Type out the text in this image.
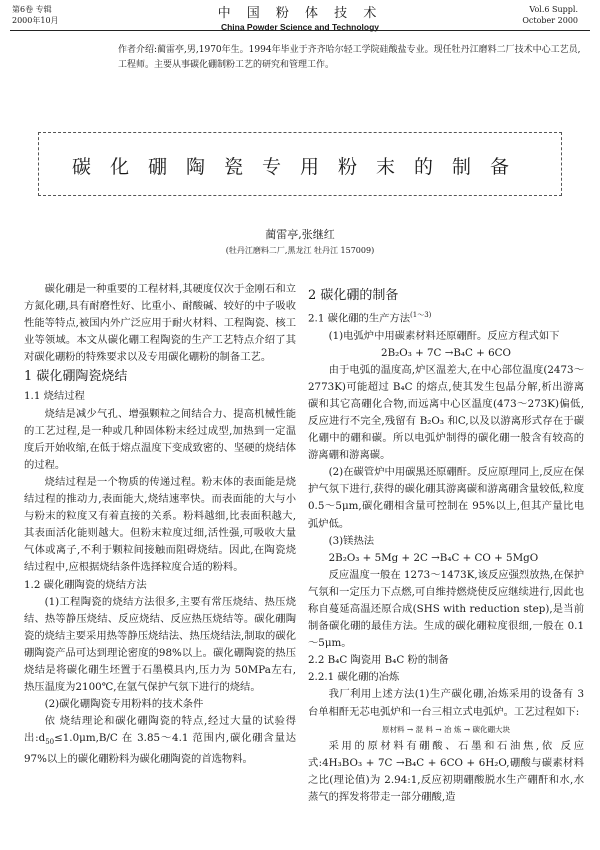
第6卷 专辑
2000年10月	中 国 粉 体 技 术
China Powder Science and Technology
Vol.6 Suppl.
October 2000
作者介绍:蔺雷亭,男,1970年生。1994年毕业于齐齐哈尔轻工学院硅酸盐专业。现任牡丹江磨料二厂技术中心工艺员,工程师。主要从事碳化硼制粉工艺的研究和管理工作。
碳化硼陶瓷专用粉末的制备
蔺雷亭,张继红
(牡丹江磨料二厂,黑龙江 牡丹江 157009)

碳化硼是一种重要的工程材料,其硬度仅次于金刚石和立方氮化硼,具有耐磨性好、比重小、耐酸碱、较好的中子吸收性能等特点,被国内外广泛应用于耐火材料、工程陶瓷、核工业等领域。本文从碳化硼工程陶瓷的生产工艺特点介绍了其对碳化硼粉的特殊要求以及专用碳化硼粉的制备工艺。

1 碳化硼陶瓷烧结

1.1 烧结过程

烧结是减少气孔、增强颗粒之间结合力、提高机械性能的工艺过程,是一种或几种固体粉末经过成型,加热到一定温度后开始收缩,在低于熔点温度下变成致密的、坚硬的烧结体的过程。

烧结过程是一个物质的传递过程。粉末体的表面能是烧结过程的推动力,表面能大,烧结速率快。而表面能的大与小与粉末的粒度又有着直接的关系。粉料越细,比表面积越大,其表面活化能则越大。但粉末粒度过细,活性强,可吸收大量气体或离子,不利于颗粒间接触而阻碍烧结。因此,在陶瓷烧结过程中,应根据烧结条件选择粒度合适的粉料。

1.2 碳化硼陶瓷的烧结方法

(1)工程陶瓷的烧结方法很多,主要有常压烧结、热压烧结、热等静压烧结、反应烧结、反应热压烧结等。碳化硼陶瓷的烧结主要采用热等静压烧结法、热压烧结法,制取的碳化硼陶瓷产品可达到理论密度的98%以上。碳化硼陶瓷的热压烧结是将碳化硼生坯置于石墨模具内,压力为 50MPa左右,热压温度为2100℃,在氩气保护气氛下进行的烧结。

(2)碳化硼陶瓷专用粉料的技术条件

依 烧结理论和碳化硼陶瓷的特点,经过大量的试验得出$:d_{50}\le 1.0\mu m,B/C$ 在 3.85～4.1 范围内,碳化硼含量达 97%以上的碳化硼粉料为碳化硼陶瓷的首选物料。

2 碳化硼的制备

2.1 碳化硼的生产方法$^{(1\sim 3)}$

(1)电弧炉中用碳素材料还原硼酐。反应方程式如下

2B₂O₃ + 7C →B₄C + 6CO

由于电弧的温度高,炉区温差大,在中心部位温度(2473～2773K)可能超过 B₄C 的熔点,使其发生包晶分解,析出游离碳和其它高硼化合物,而远离中心区温度(473～273K)偏低,反应进行不完全,残留有 B₂O₃ 和C,以及以游离形式存在于碳化硼中的硼和碳。所以电弧炉制得的碳化硼一般含有较高的游离硼和游离碳。

(2)在碳管炉中用碳黑还原硼酐。反应原理同上,反应在保护气氛下进行,获得的碳化硼其游离碳和游离硼含量较低,粒度 0.5～5μm,碳化硼相含量可控制在 95%以上,但其产量比电弧炉低。

(3)镁热法

2B₂O₃ + 5Mg + 2C →B₄C + CO + 5MgO

反应温度一般在 1273～1473K,该反应强烈放热,在保护气氛和一定压力下点燃,可自维持燃烧使反应继续进行,因此也称自蔓延高温还原合成(SHS with reduction step),是当前制备碳化硼的最佳方法。生成的碳化硼粒度很细,一般在 0.1～5μm。

2.2 B₄C 陶瓷用 B₄C 粉的制备

2.2.1 碳化硼的冶炼

我厂利用上述方法(1)生产碳化硼,冶炼采用的设备有 3 台单相酐无芯电弧炉和一台三相立式电弧炉。工艺过程如下:

原材料 → 混 料 → 冶 炼 → 碳化硼大块

采用的原材料有硼酸、石墨和石油焦,依 反应式:4H₃BO₃ + 7C →B₄C + 6CO + 6H₂O,硼酸与碳素材料之比(理论值)为 2.94:1,反应初期硼酸脱水生产硼酐和水,水蒸气的挥发将带走一部分硼酸,造
